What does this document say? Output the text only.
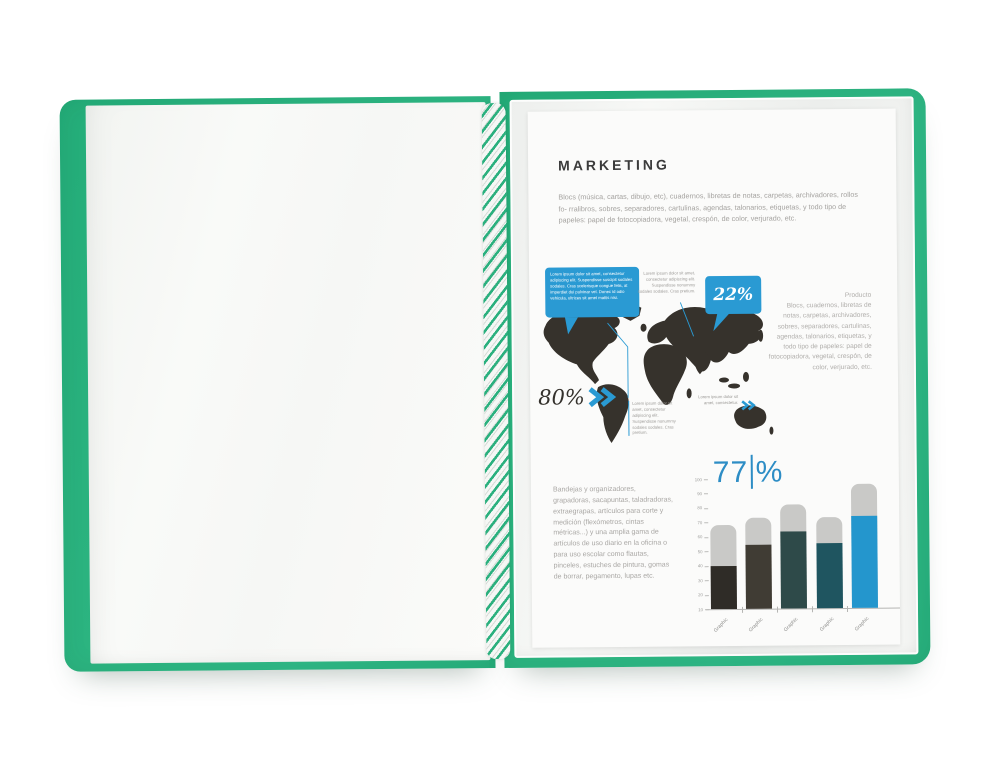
MARKETING
Blocs (música, cartas, dibujo, etc), cuadernos, libretas de notas, carpetas, archivadores, rollos fo- rralibros, sobres, separadores, cartulinas, agendas, talonarios, etiquetas, y todo tipo de papeles: papel de fotocopiadora, vegetal, crespón, de color, verjurado, etc.
Lorem ipsum dolor sit amet, consectetur adipiscing elit. Suspendisse suscipit sodales sodales. Cras scelerisque congue felis, at imperdiet dui pulvinar vel. Donec id odio vehicula, ultrices sit amet mattis nisi.
Lorem ipsum dolor sit amet, consectetur adipiscing elit. Suspendisse nonummy sodales sodales. Cras pretium. 22%
80%	Lorem ipsum dolor sit amet, consectetur adipiscing elit. Suspendisse nonummy sodales sodales. Cras pretium.
Lorem ipsum dolor sit amet, consectetur.
Producto
Blocs, cuadernos, libretas de notas, carpetas, archivadores, sobres, separadores, cartulinas, agendas, talonarios, etiquetas, y todo tipo de papeles: papel de fotocopiadora, vegetal, crespón, de color, verjurado, etc.
Bandejas y organizadores, grapadoras, sacapuntas, taladradoras, extraegrapas, artículos para corte y medición (flexómetros, cintas métricas...) y una amplia gama de artículos de uso diario en la oficina o para uso escolar como flautas, pinceles, estuches de pintura, gomas de borrar, pegamento, lupas etc.
10
20
30
40
50
60
70
80
90
100
Graphic	Graphic	Graphic	Graphic	Graphic
77 %
